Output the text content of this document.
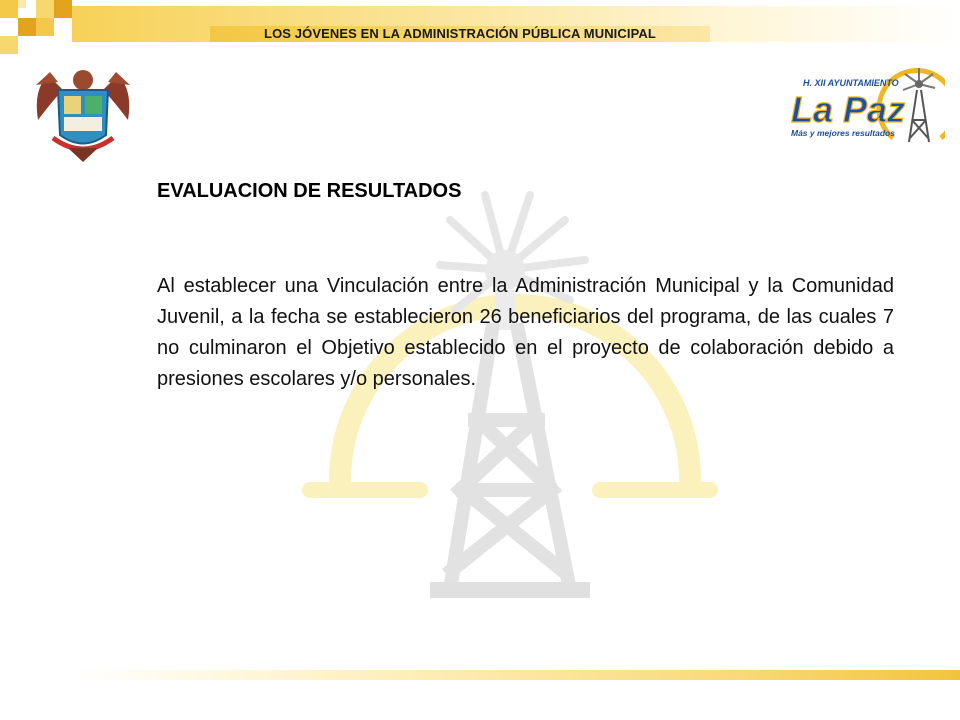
LOS JÓVENES EN LA ADMINISTRACIÓN PÚBLICA MUNICIPAL
H. XII AYUNTAMIENTO
La Paz
Más y mejores resultados
EVALUACION DE RESULTADOS

Al establecer una Vinculación entre la Administración Municipal y la Comunidad Juvenil, a la fecha se establecieron 26 beneficiarios del programa, de las cuales 7 no culminaron el Objetivo establecido en el proyecto de colaboración debido a presiones escolares y/o personales.
